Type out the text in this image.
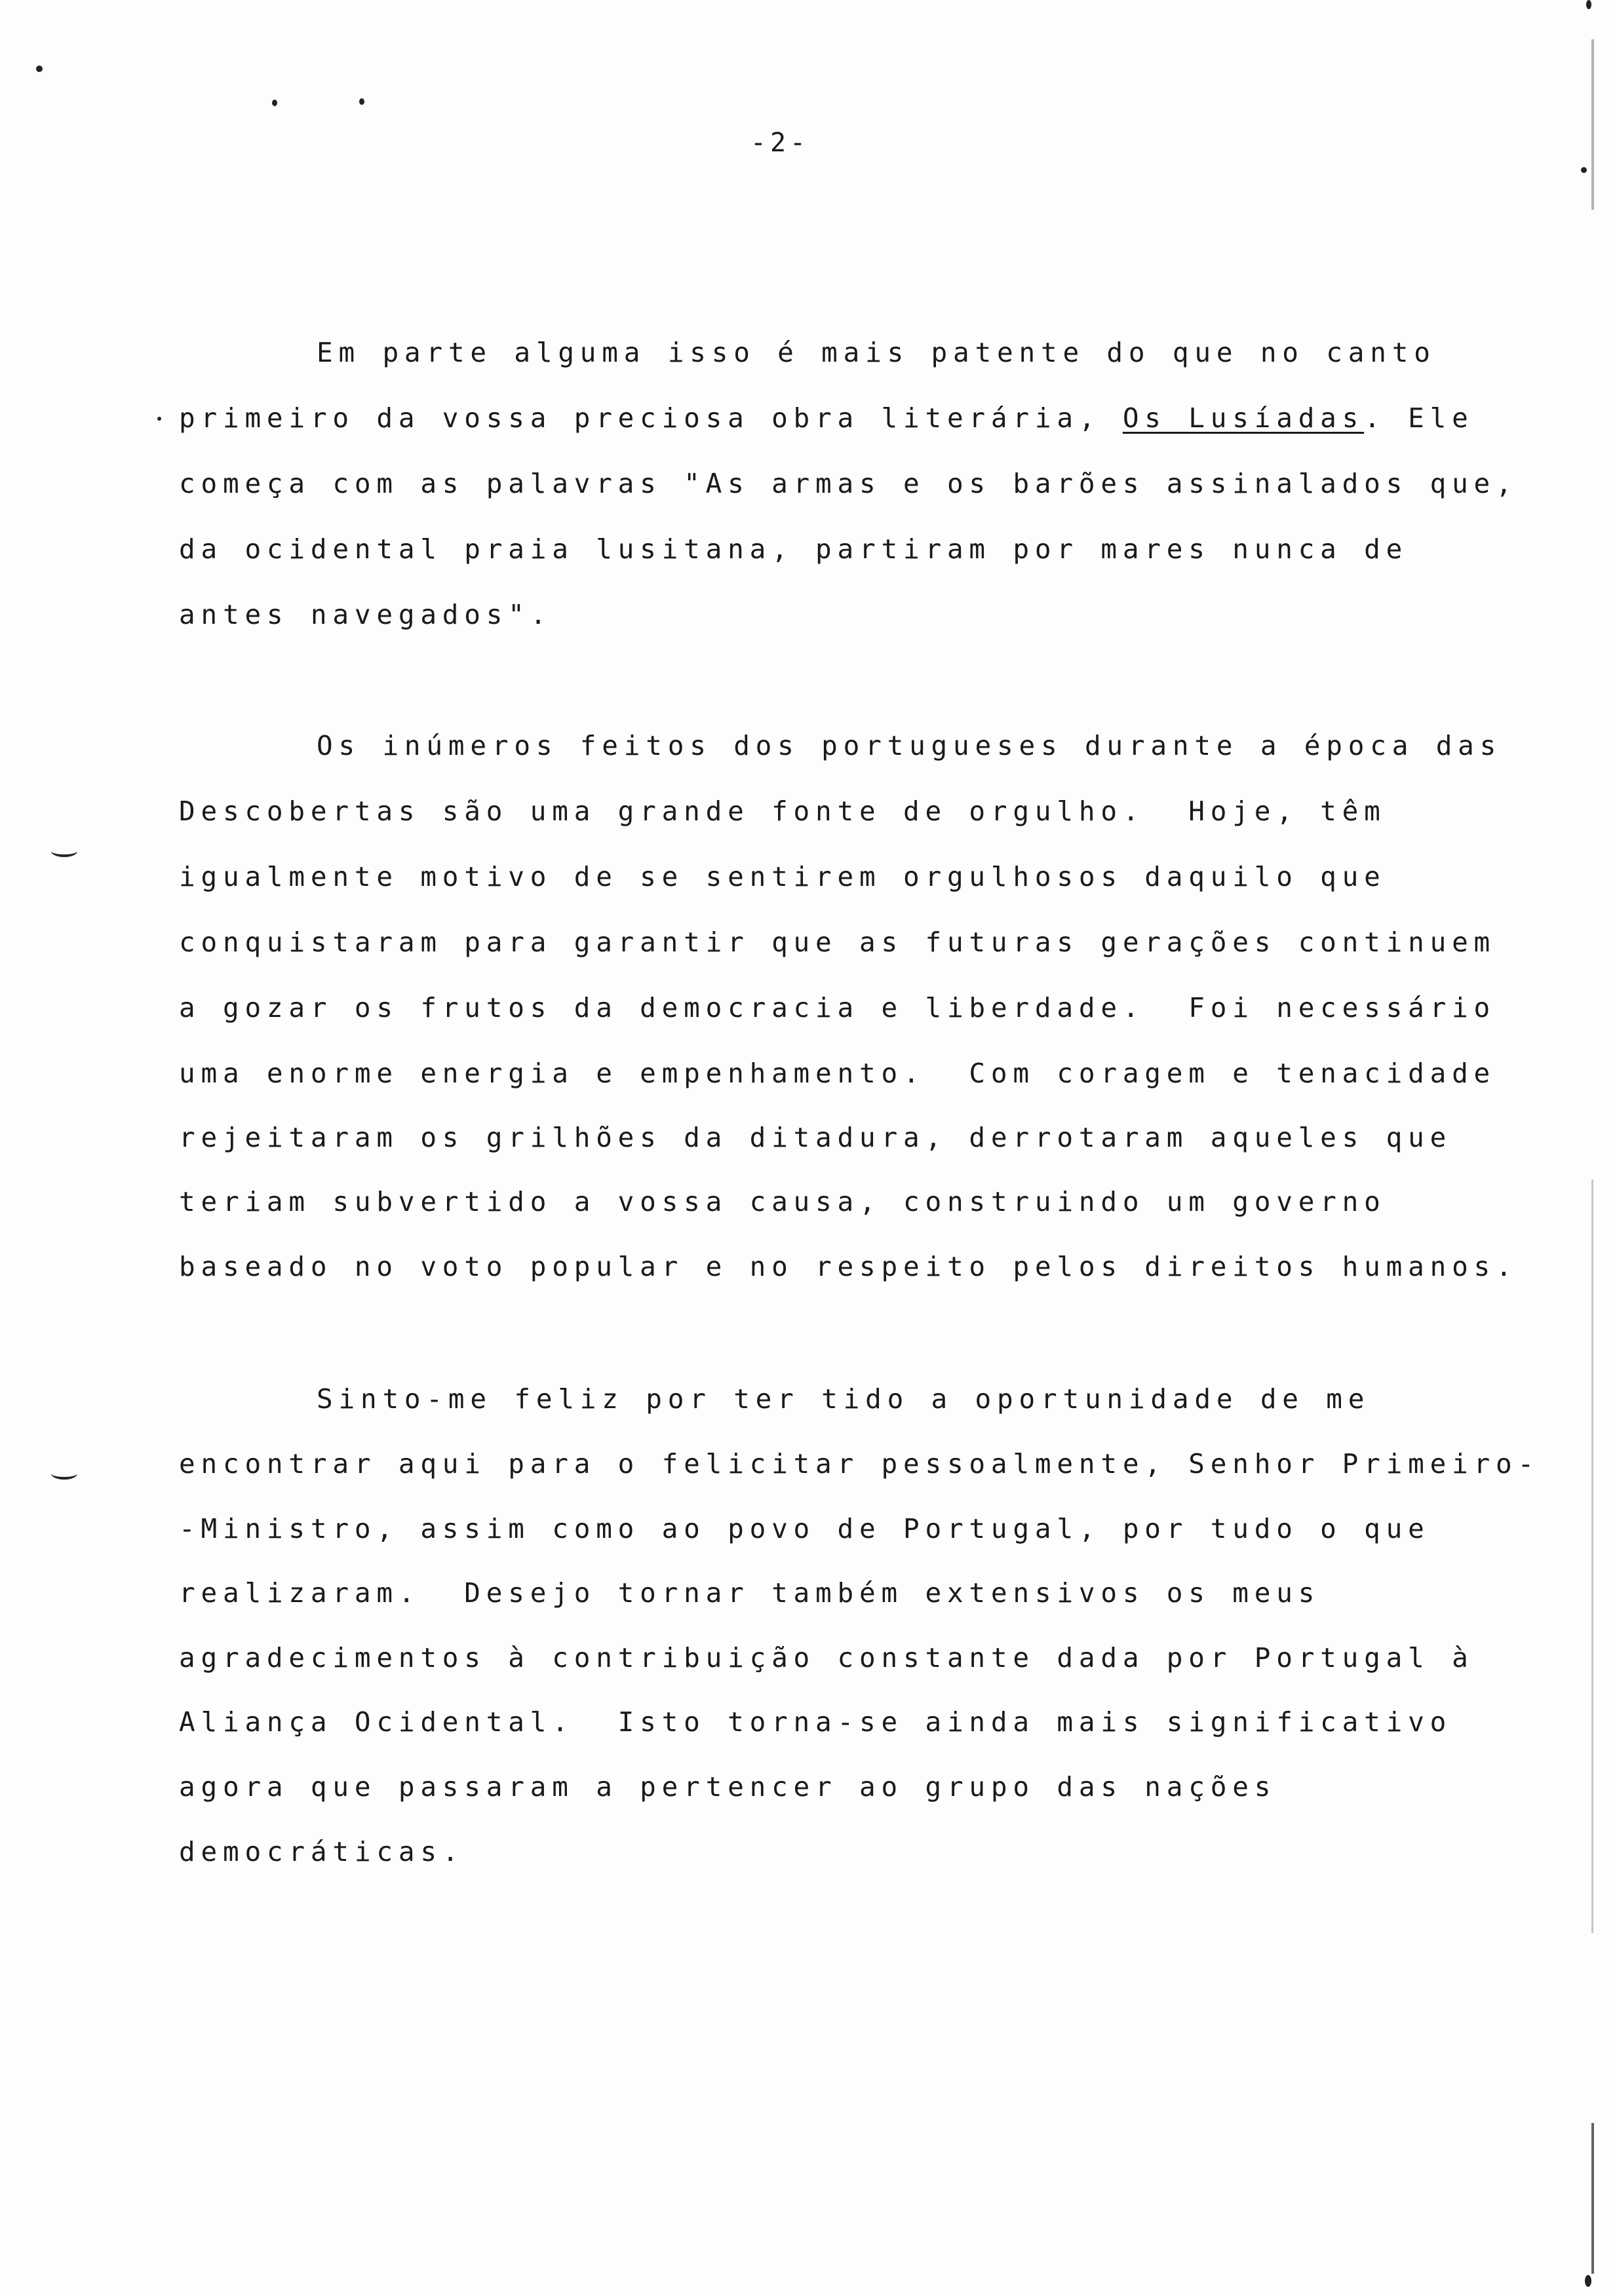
-2-
Em parte alguma isso é mais patente do que no canto
primeiro da vossa preciosa obra literária, Os Lusíadas. Ele
começa com as palavras "As armas e os barões assinalados que,
da ocidental praia lusitana, partiram por mares nunca de
antes navegados".
Os inúmeros feitos dos portugueses durante a época das
Descobertas são uma grande fonte de orgulho.  Hoje, têm
igualmente motivo de se sentirem orgulhosos daquilo que
conquistaram para garantir que as futuras gerações continuem
a gozar os frutos da democracia e liberdade.  Foi necessário
uma enorme energia e empenhamento.  Com coragem e tenacidade
rejeitaram os grilhões da ditadura, derrotaram aqueles que
teriam subvertido a vossa causa, construindo um governo
baseado no voto popular e no respeito pelos direitos humanos.
Sinto-me feliz por ter tido a oportunidade de me
encontrar aqui para o felicitar pessoalmente, Senhor Primeiro-
-Ministro, assim como ao povo de Portugal, por tudo o que
realizaram.  Desejo tornar também extensivos os meus
agradecimentos à contribuição constante dada por Portugal à
Aliança Ocidental.  Isto torna-se ainda mais significativo
agora que passaram a pertencer ao grupo das nações
democráticas.
